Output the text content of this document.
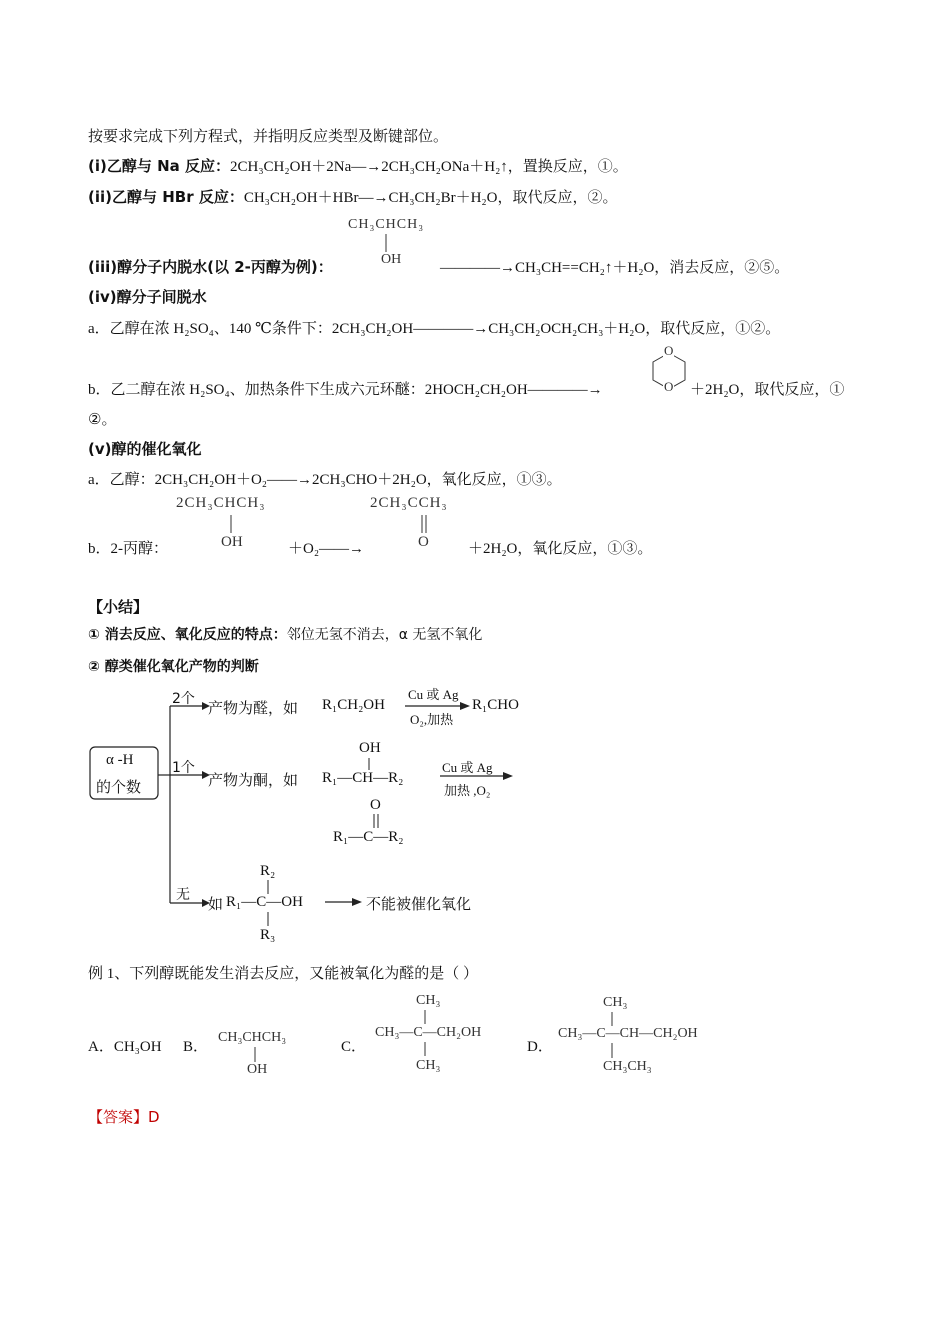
按要求完成下列方程式，并指明反应类型及断键部位。
(i)乙醇与 Na 反应：2CH₃CH₂OH＋2Na—→2CH₃CH₂ONa＋H₂↑，置换反应，①。
(ii)乙醇与 HBr 反应：CH₃CH₂OH＋HBr—→CH₃CH₂Br＋H₂O，取代反应，②。
CH₃CHCH₃
OH
(iii)醇分子内脱水(以 2-丙醇为例)：	————→CH₃CH==CH₂↑＋H₂O，消去反应，②⑤。
(iv)醇分子间脱水
a．乙醇在浓 H₂SO₄、140 ℃条件下：2CH₃CH₂OH————→CH₃CH₂OCH₂CH₃＋H₂O，取代反应，①②。
O
O
b．乙二醇在浓 H₂SO₄、加热条件下生成六元环醚：2HOCH₂CH₂OH————→	＋2H₂O，取代反应，①
②。
(v)醇的催化氧化
a．乙醇：2CH₃CH₂OH＋O₂——→2CH₃CHO＋2H₂O，氧化反应，①③。
2CH₃CHCH₃
OH
2CH₃CCH₃
O
b．2-丙醇：	＋O₂——→	＋2H₂O，氧化反应，①③。
【小结】
① 消去反应、氧化反应的特点：邻位无氢不消去，α 无氢不氧化
② 醇类催化氧化产物的判断
α -H
的个数
2个
1个
无
产物为醛，如 R₁CH₂OH
Cu 或 Ag
O₂,加热
R₁CHO
OH
产物为酮，如 R₁—CH—R₂
Cu 或 Ag
加热 ,O₂
O
R₁—C—R₂
R₂
如 R₁—C—OH
R₃
不能被催化氧化
例 1、下列醇既能发生消去反应，又能被氧化为醛的是（ ）
A．CH₃OH B．
CH₃CHCH₃
OH
C．
CH₃
CH₃—C—CH₂OH
CH₃
D．
CH₃
CH₃—C—CH—CH₂OH
CH₃CH₃
【答案】D
